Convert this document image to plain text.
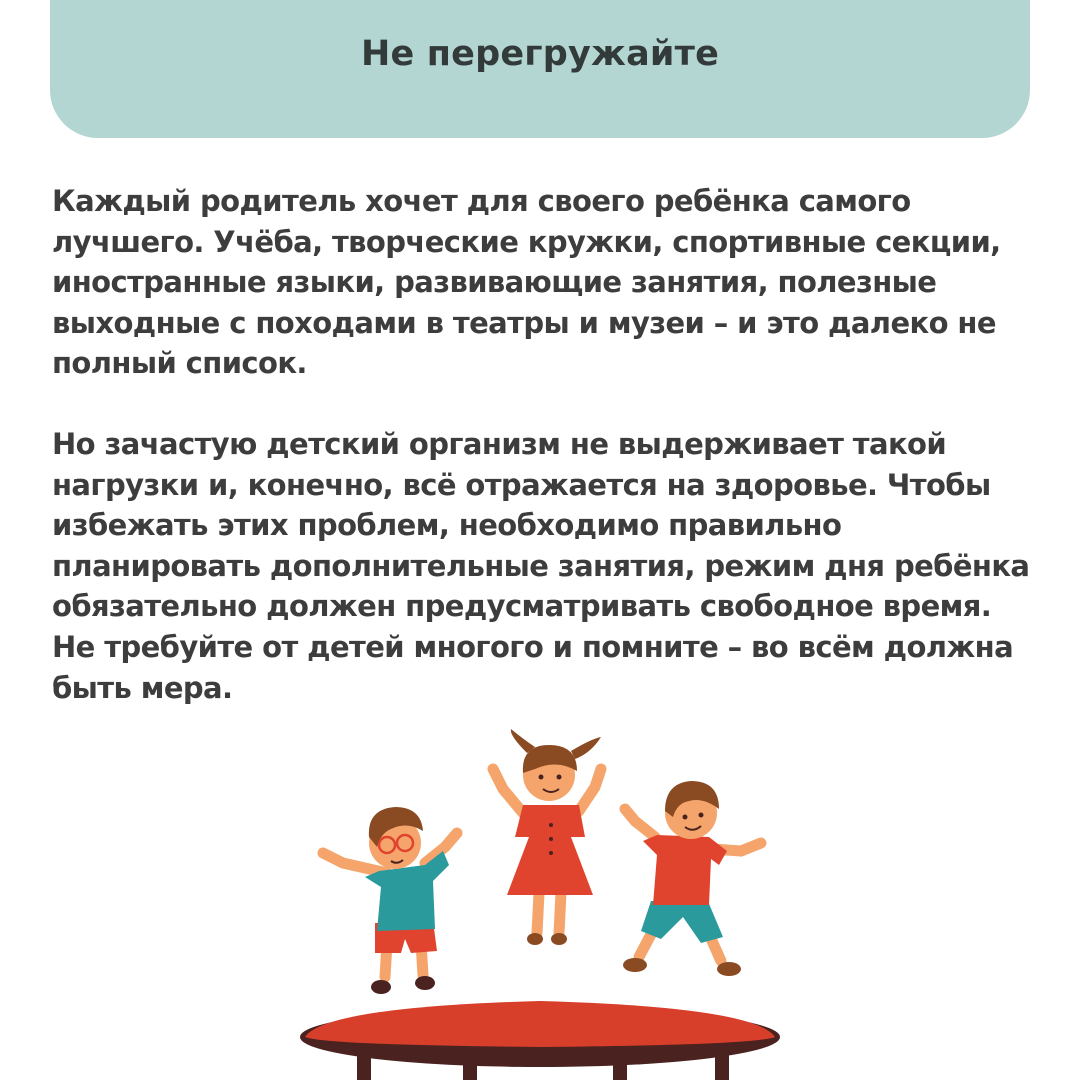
Не перегружайте

Каждый родитель хочет для своего ребёнка самого лучшего. Учёба, творческие кружки, спортивные секции, иностранные языки, развивающие занятия, полезные выходные с походами в театры и музеи – и это далеко не полный список.

Но зачастую детский организм не выдерживает такой нагрузки и, конечно, всё отражается на здоровье. Чтобы избежать этих проблем, необходимо правильно планировать дополнительные занятия, режим дня ребёнка обязательно должен предусматривать свободное время. Не требуйте от детей многого и помните – во всём должна быть мера.
